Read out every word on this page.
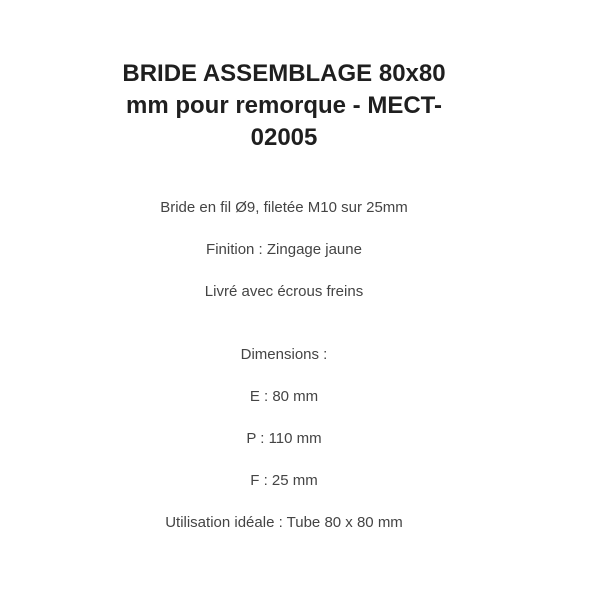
BRIDE ASSEMBLAGE 80x80
mm pour remorque - MECT-
02005

Bride en fil Ø9, filetée M10 sur 25mm

Finition : Zingage jaune

Livré avec écrous freins

Dimensions :

E : 80 mm

P : 110 mm

F : 25 mm

Utilisation idéale : Tube 80 x 80 mm
